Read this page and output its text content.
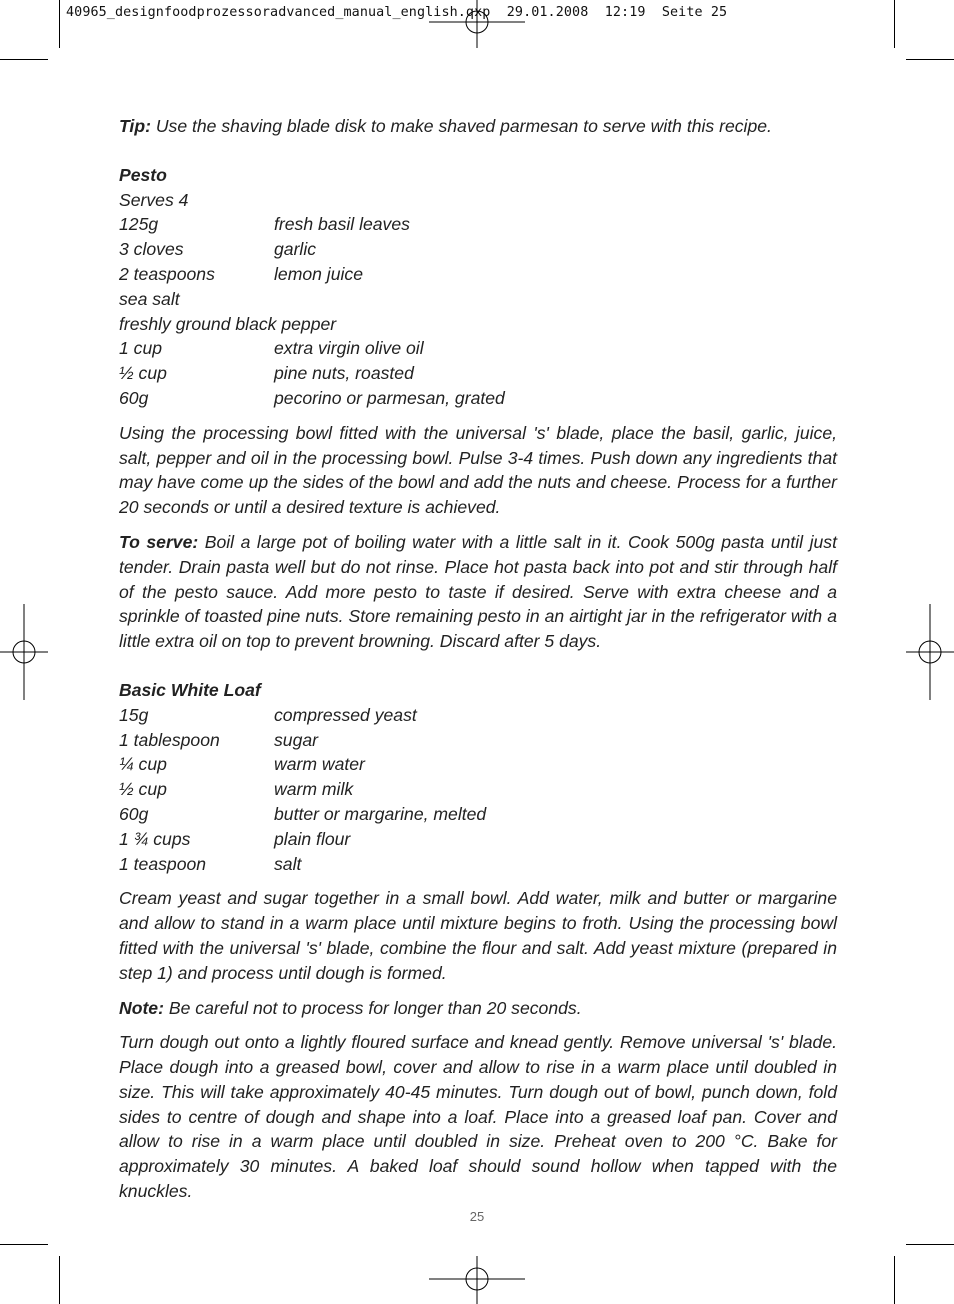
40965_designfoodprozessoradvanced_manual_english.qxp 29.01.2008 12:19 Seite 25

Tip: Use the shaving blade disk to make shaved parmesan to serve with this recipe.

Pesto

Serves 4

125g	fresh basil leaves
3 cloves	garlic
2 teaspoons	lemon juice
sea salt
freshly ground black pepper
1 cup	extra virgin olive oil
½ cup	pine nuts, roasted
60g	pecorino or parmesan, grated

Using the processing bowl fitted with the universal 's' blade, place the basil, garlic, juice, salt, pepper and oil in the processing bowl. Pulse 3-4 times. Push down any ingredients that may have come up the sides of the bowl and add the nuts and cheese. Process for a further 20 seconds or until a desired texture is achieved.

To serve: Boil a large pot of boiling water with a little salt in it. Cook 500g pasta until just tender. Drain pasta well but do not rinse. Place hot pasta back into pot and stir through half of the pesto sauce. Add more pesto to taste if desired. Serve with extra cheese and a sprinkle of toasted pine nuts. Store remaining pesto in an airtight jar in the refrigerator with a little extra oil on top to prevent browning. Discard after 5 days.

Basic White Loaf

15g	compressed yeast
1 tablespoon	sugar
¼ cup	warm water
½ cup	warm milk
60g	butter or margarine, melted
1 ¾ cups	plain flour
1 teaspoon	salt

Cream yeast and sugar together in a small bowl. Add water, milk and butter or margarine and allow to stand in a warm place until mixture begins to froth. Using the processing bowl fitted with the universal 's' blade, combine the flour and salt. Add yeast mixture (prepared in step 1) and process until dough is formed.

Note: Be careful not to process for longer than 20 seconds.

Turn dough out onto a lightly floured surface and knead gently. Remove universal 's' blade. Place dough into a greased bowl, cover and allow to rise in a warm place until doubled in size. This will take approximately 40-45 minutes. Turn dough out of bowl, punch down, fold sides to centre of dough and shape into a loaf. Place into a greased loaf pan. Cover and allow to rise in a warm place until doubled in size. Preheat oven to 200 °C. Bake for approximately 30 minutes. A baked loaf should sound hollow when tapped with the knuckles.

25
